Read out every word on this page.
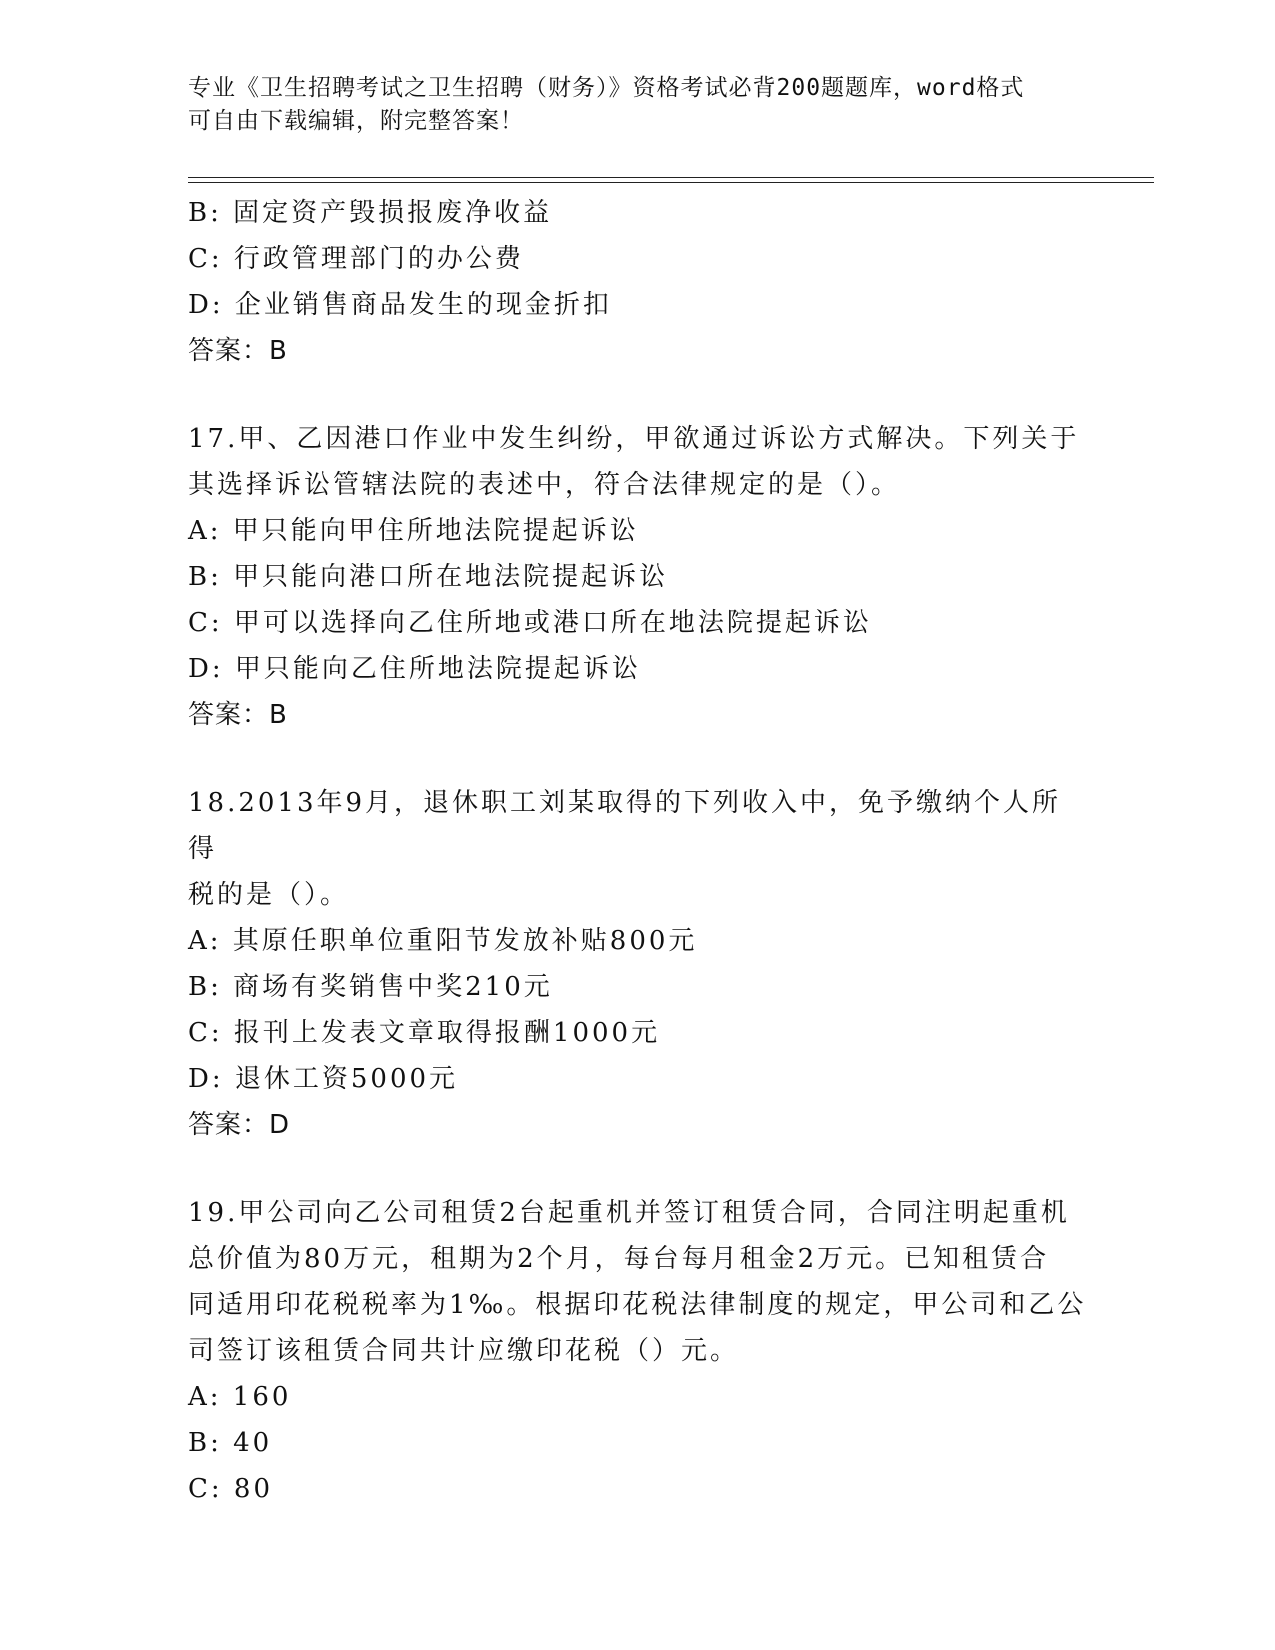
专业《卫生招聘考试之卫生招聘（财务）》资格考试必背200题题库，word格式
可自由下载编辑，附完整答案！
B: 固定资产毁损报废净收益
C: 行政管理部门的办公费
D: 企业销售商品发生的现金折扣
答案：B
17.甲、乙因港口作业中发生纠纷，甲欲通过诉讼方式解决。下列关于
其选择诉讼管辖法院的表述中，符合法律规定的是（）。
A: 甲只能向甲住所地法院提起诉讼
B: 甲只能向港口所在地法院提起诉讼
C: 甲可以选择向乙住所地或港口所在地法院提起诉讼
D: 甲只能向乙住所地法院提起诉讼
答案：B
18.2013年9月，退休职工刘某取得的下列收入中，免予缴纳个人所得
税的是（）。
A: 其原任职单位重阳节发放补贴800元
B: 商场有奖销售中奖210元
C: 报刊上发表文章取得报酬1000元
D: 退休工资5000元
答案：D
19.甲公司向乙公司租赁2台起重机并签订租赁合同，合同注明起重机
总价值为80万元，租期为2个月，每台每月租金2万元。已知租赁合
同适用印花税税率为1‰。根据印花税法律制度的规定，甲公司和乙公
司签订该租赁合同共计应缴印花税（）元。
A: 160
B: 40
C: 80
